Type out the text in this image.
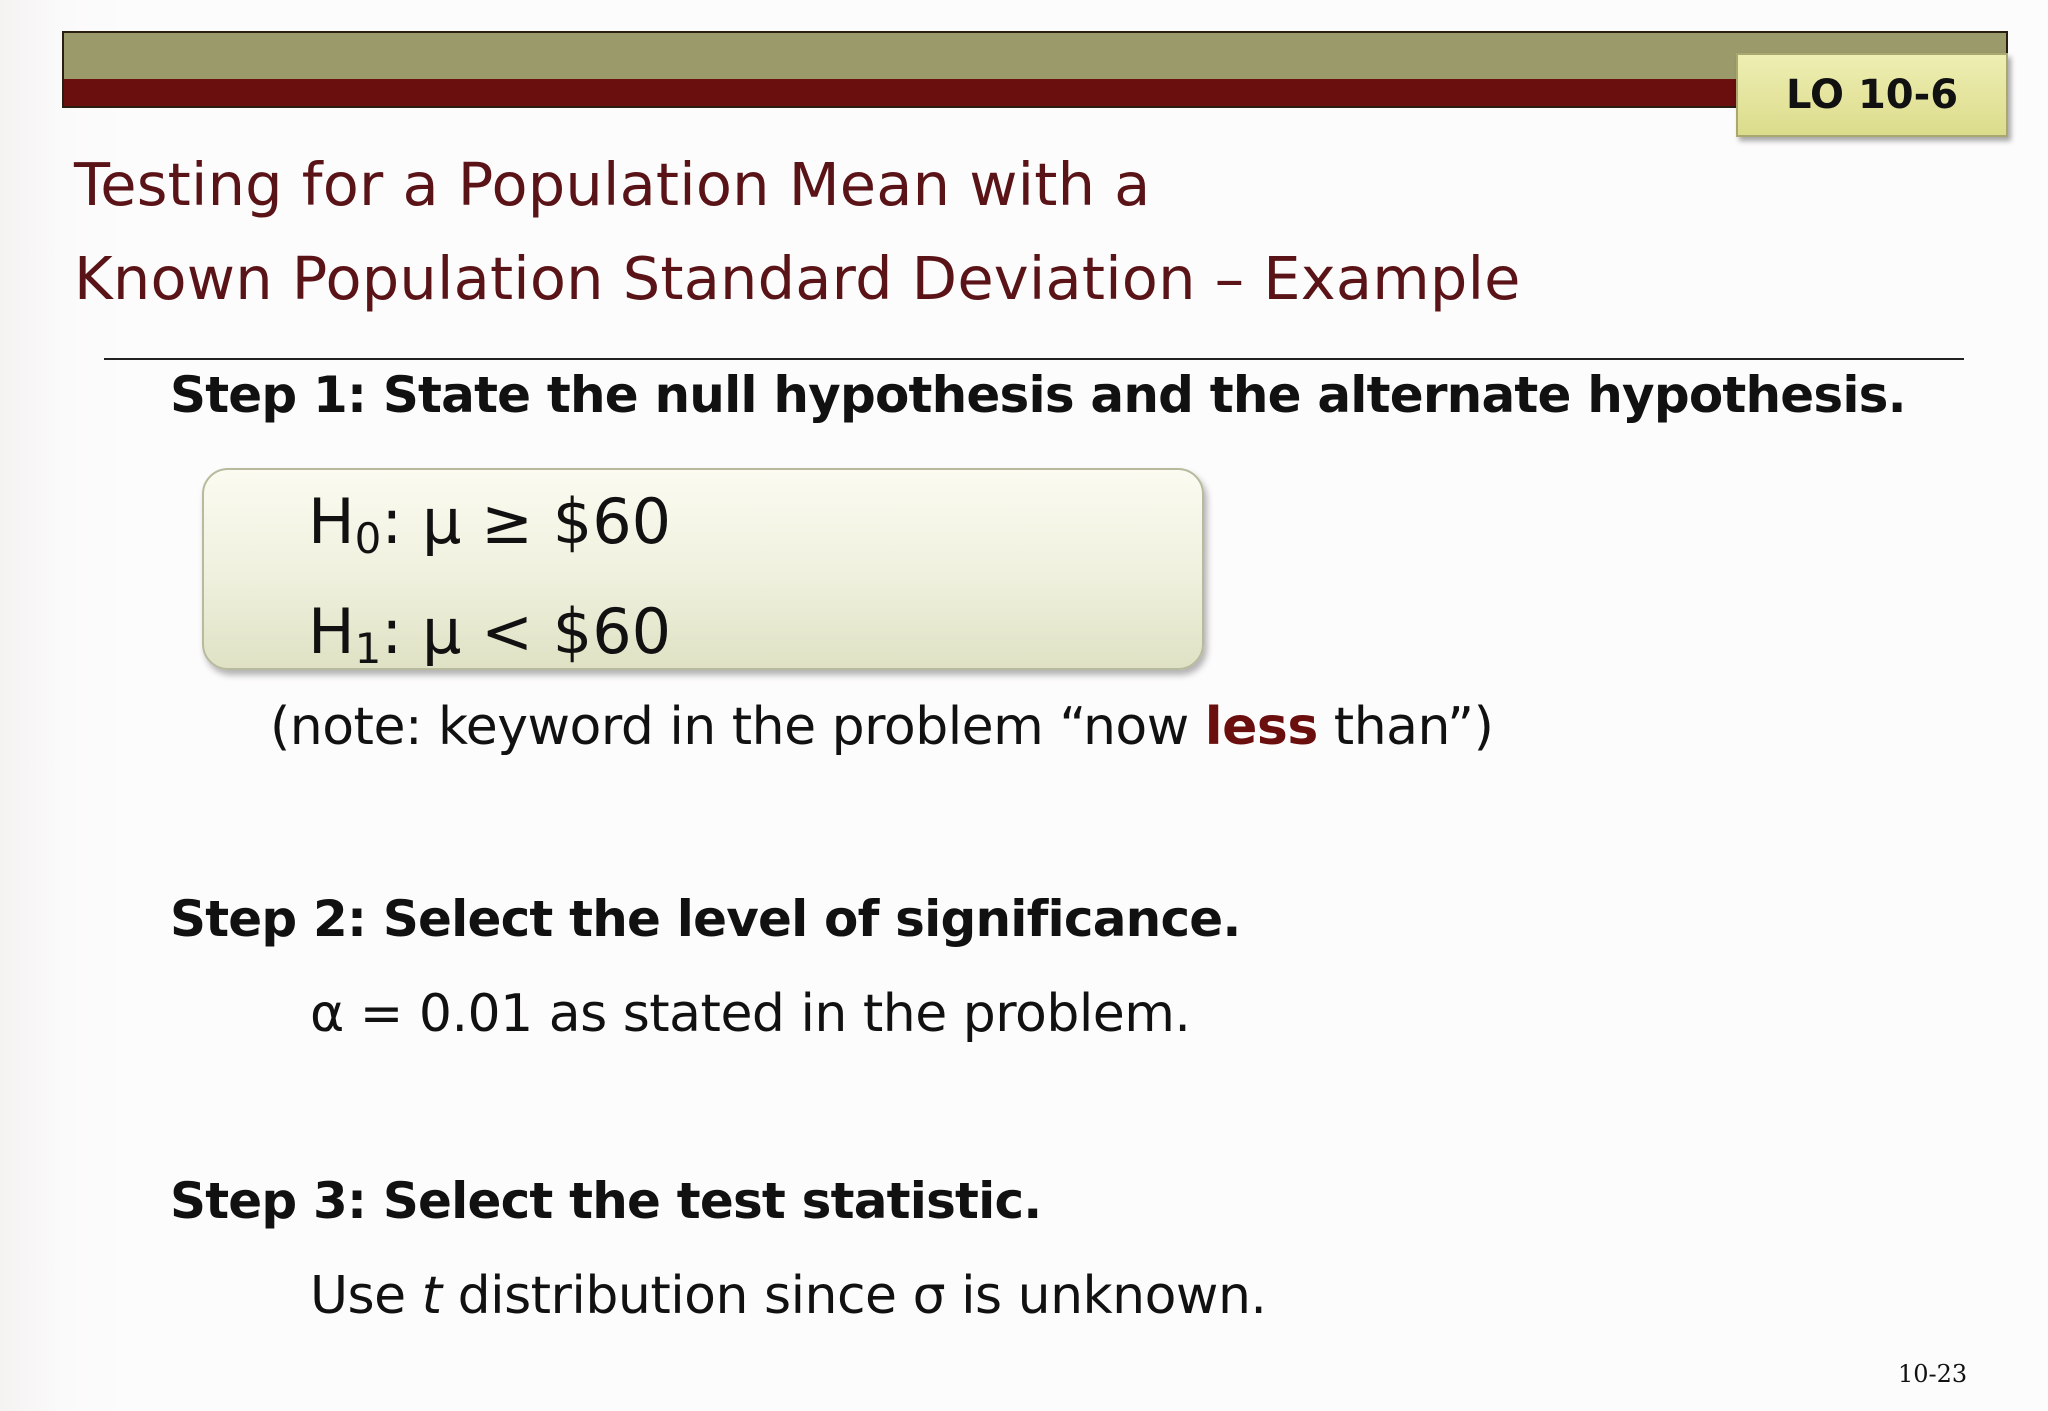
LO 10-6
Testing for a Population Mean with a
Known Population Standard Deviation – Example
Step 1: State the null hypothesis and the alternate hypothesis.
$H_0$: μ ≥ $60
$H_1$: μ < $60
(note: keyword in the problem “now less than”)
Step 2: Select the level of significance.
α = 0.01 as stated in the problem.
Step 3: Select the test statistic.
Use t distribution since σ is unknown.
10-23
